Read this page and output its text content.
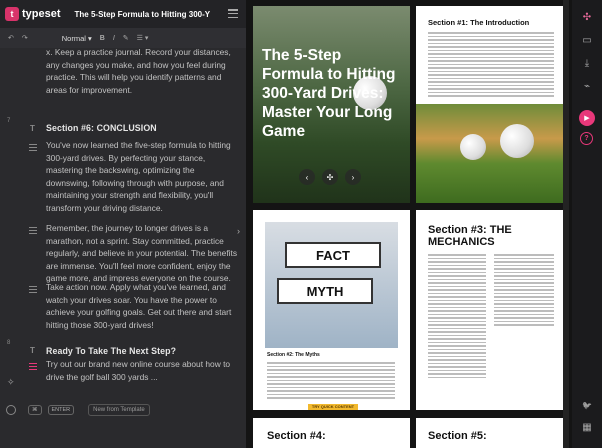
t typeset The 5-Step Formula to Hitting 300-Y
↶ ↷	Normal ▾ B I ✎ ☰ ▾
x. Keep a practice journal. Record your distances, any changes you make, and how you feel during practice. This will help you identify patterns and areas for improvement.
7
T Section #6: CONCLUSION
You've now learned the five-step formula to hitting 300-yard drives. By perfecting your stance, mastering the backswing, optimizing the downswing, following through with purpose, and maintaining your strength and flexibility, you'll transform your driving distance.
Remember, the journey to longer drives is a marathon, not a sprint. Stay committed, practice regularly, and believe in your potential. The benefits are immense. You'll feel more confident, enjoy the game more, and impress everyone on the course.
Take action now. Apply what you've learned, and watch your drives soar. You have the power to achieve your golfing goals. Get out there and start hitting those 300-yard drives!
8
T Ready To Take The Next Step?
Try out our brand new online course about how to drive the golf ball 300 yards ...
✧
⌘	ENTER	New from Template
›
The 5-Step Formula to Hitting 300-Yard Drives: Master Your Long Game
‹	✣	›
Section #1: The Introduction
FACT
MYTH
Section #2: The Myths
TRY QUICK CONTENT
Section #3: THE MECHANICS
Section #4:	Section #5:
✣
▭
⤓
⌁
▶
?
🐦
▦
